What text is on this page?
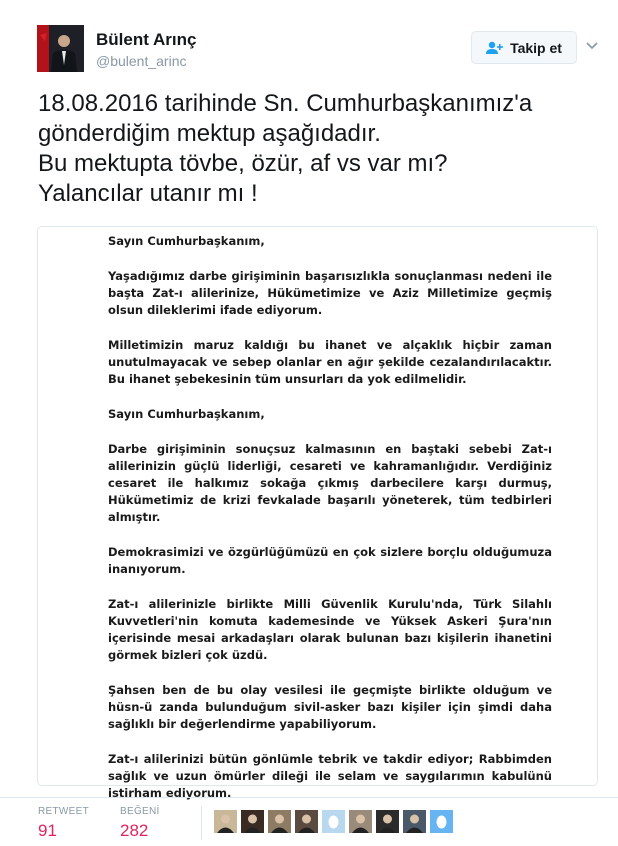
Bülent Arınç
@bulent_arinc
Takip et
18.08.2016 tarihinde Sn. Cumhurbaşkanımız'a
gönderdiğim mektup aşağıdadır.
Bu mektupta tövbe, özür, af vs var mı?
Yalancılar utanır mı !

Sayın Cumhurbaşkanım,

Yaşadığımız darbe girişiminin başarısızlıkla sonuçlanması nedeni ile başta Zat-ı alilerinize, Hükümetimize ve Aziz Milletimize geçmiş olsun dileklerimi ifade ediyorum.

Milletimizin maruz kaldığı bu ihanet ve alçaklık hiçbir zaman unutulmayacak ve sebep olanlar en ağır şekilde cezalandırılacaktır. Bu ihanet şebekesinin tüm unsurları da yok edilmelidir.

Sayın Cumhurbaşkanım,

Darbe girişiminin sonuçsuz kalmasının en baştaki sebebi Zat-ı alilerinizin güçlü liderliği, cesareti ve kahramanlığıdır. Verdiğiniz cesaret ile halkımız sokağa çıkmış darbecilere karşı durmuş, Hükümetimiz de krizi fevkalade başarılı yöneterek, tüm tedbirleri almıştır.

Demokrasimizi ve özgürlüğümüzü en çok sizlere borçlu olduğumuza inanıyorum.

Zat-ı alilerinizle birlikte Milli Güvenlik Kurulu'nda, Türk Silahlı Kuvvetleri'nin komuta kademesinde ve Yüksek Askeri Şura'nın içerisinde mesai arkadaşları olarak bulunan bazı kişilerin ihanetini görmek bizleri çok üzdü.

Şahsen ben de bu olay vesilesi ile geçmişte birlikte olduğum ve hüsn-ü zanda bulunduğum sivil-asker bazı kişiler için şimdi daha sağlıklı bir değerlendirme yapabiliyorum.

Zat-ı alilerinizi bütün gönlümle tebrik ve takdir ediyor; Rabbimden sağlık ve uzun ömürler dileği ile selam ve saygılarımın kabulünü istirham ediyorum.

RETWEET
91
BEĞENİ
282
